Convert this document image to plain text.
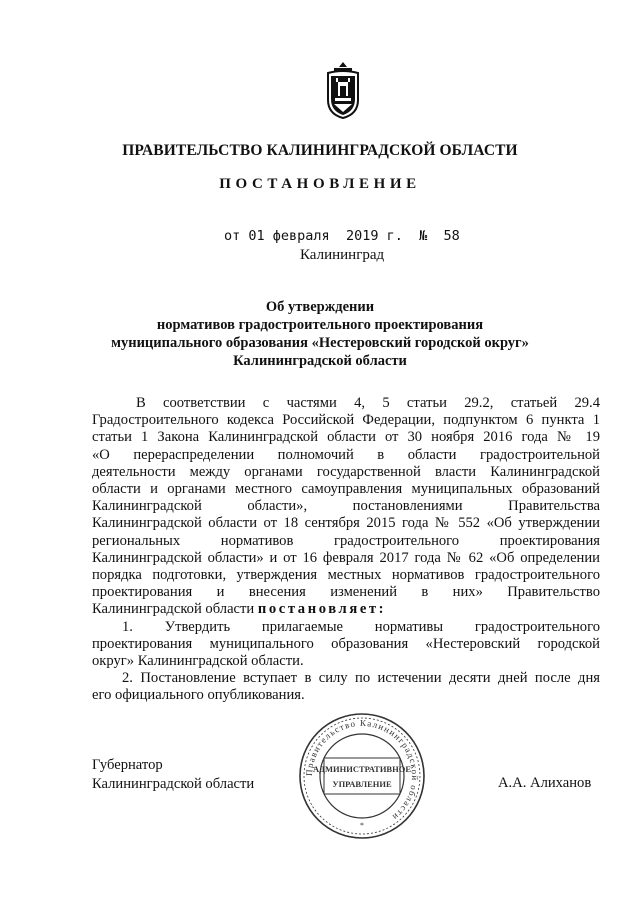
ПРАВИТЕЛЬСТВО КАЛИНИНГРАДСКОЙ ОБЛАСТИ
ПОСТАНОВЛЕНИЕ
от 01 февраля 2019 г. № 58
Калининград
Об утверждении
нормативов градостроительного проектирования
муниципального образования «Нестеровский городской округ»
Калининградской области
В соответствии с частями 4, 5 статьи 29.2, статьей 29.4
Градостроительного кодекса Российской Федерации, подпунктом 6 пункта 1
статьи 1 Закона Калининградской области от 30 ноября 2016 года № 19
«О перераспределении полномочий в области градостроительной
деятельности между органами государственной власти Калининградской
области и органами местного самоуправления муниципальных образований
Калининградской области», постановлениями Правительства
Калининградской области от 18 сентября 2015 года № 552 «Об утверждении
региональных нормативов градостроительного проектирования
Калининградской области» и от 16 февраля 2017 года № 62 «Об определении
порядка подготовки, утверждения местных нормативов градостроительного
проектирования и внесения изменений в них» Правительство
Калининградской области постановляет:
1. Утвердить прилагаемые нормативы градостроительного
проектирования муниципального образования «Нестеровский городской
округ» Калининградской области.
2. Постановление вступает в силу по истечении десяти дней после дня
его официального опубликования.
Губернатор
Калининградской области	А.А. Алиханов
Правительство Калининградской области
АДМИНИСТРАТИВНОЕ
УПРАВЛЕНИЕ
*
